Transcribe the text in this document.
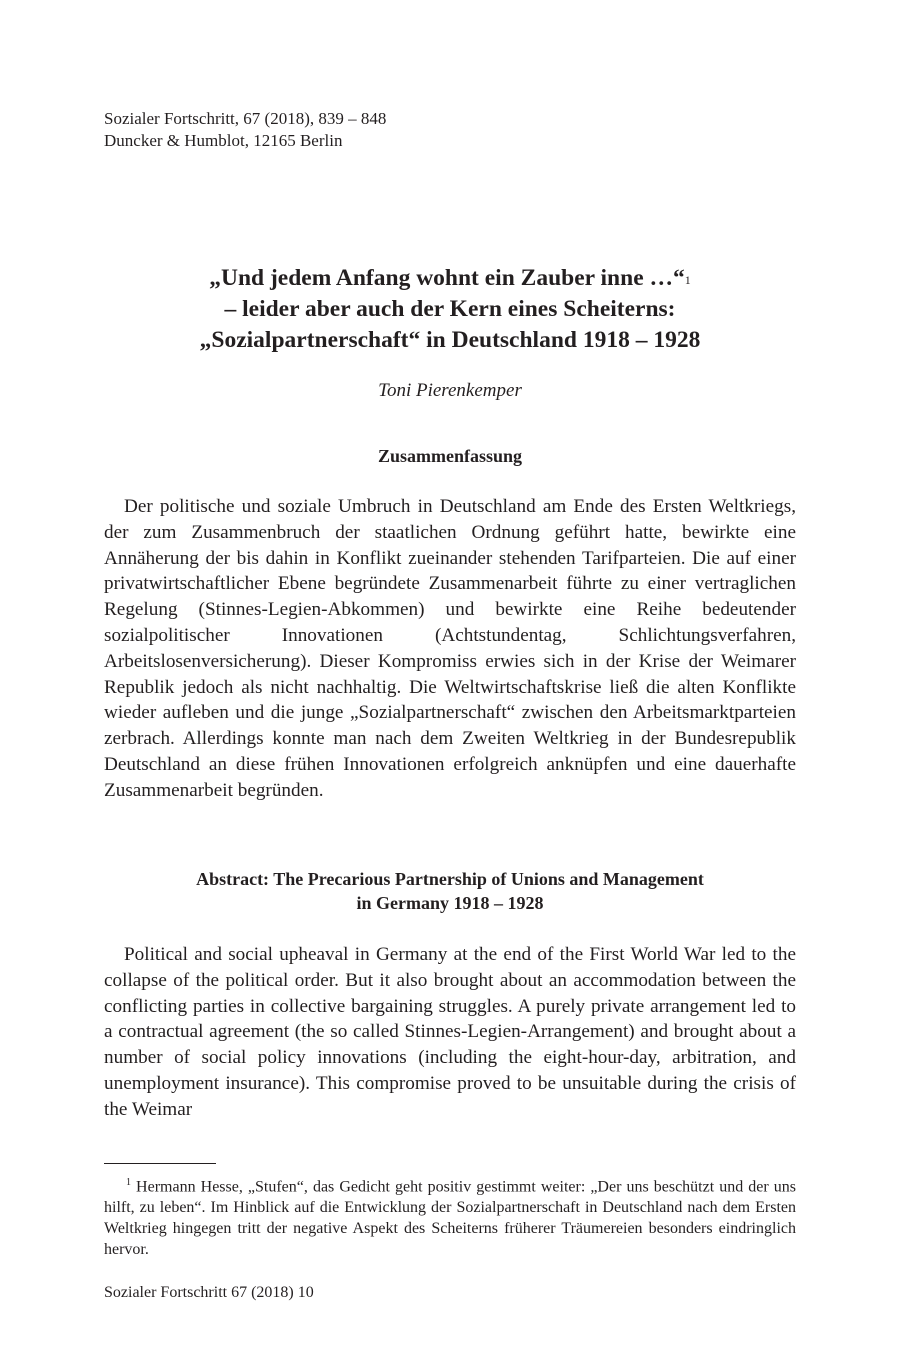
Sozialer Fortschritt, 67 (2018), 839 – 848
Duncker & Humblot, 12165 Berlin
„Und jedem Anfang wohnt ein Zauber inne …“$^1$
– leider aber auch der Kern eines Scheiterns:
„Sozialpartnerschaft“ in Deutschland 1918 – 1928
Toni Pierenkemper
Zusammenfassung

Der politische und soziale Umbruch in Deutschland am Ende des Ersten Weltkriegs, der zum Zusammenbruch der staatlichen Ordnung geführt hatte, bewirkte eine Annäherung der bis dahin in Konflikt zueinander stehenden Tarifparteien. Die auf einer privatwirtschaftlicher Ebene begründete Zusammenarbeit führte zu einer vertraglichen Regelung (Stinnes-Legien-Abkommen) und bewirkte eine Reihe bedeutender sozialpolitischer Innovationen (Achtstundentag, Schlichtungsverfahren, Arbeitslosenversicherung). Dieser Kompromiss erwies sich in der Krise der Weimarer Republik jedoch als nicht nachhaltig. Die Weltwirtschaftskrise ließ die alten Konflikte wieder aufleben und die junge „Sozialpartnerschaft“ zwischen den Arbeitsmarktparteien zerbrach. Allerdings konnte man nach dem Zweiten Weltkrieg in der Bundesrepublik Deutschland an diese frühen Innovationen erfolgreich anknüpfen und eine dauerhafte Zusammenarbeit begründen.

Abstract: The Precarious Partnership of Unions and Management
in Germany 1918 – 1928

Political and social upheaval in Germany at the end of the First World War led to the collapse of the political order. But it also brought about an accommodation between the conflicting parties in collective bargaining struggles. A purely private arrangement led to a contractual agreement (the so called Stinnes-Legien-Arrangement) and brought about a number of social policy innovations (including the eight-hour-day, arbitration, and unemployment insurance). This compromise proved to be unsuitable during the crisis of the Weimar

$^1$ Hermann Hesse, „Stufen“, das Gedicht geht positiv gestimmt weiter: „Der uns beschützt und der uns hilft, zu leben“. Im Hinblick auf die Entwicklung der Sozialpartnerschaft in Deutschland nach dem Ersten Weltkrieg hingegen tritt der negative Aspekt des Scheiterns früherer Träumereien besonders eindringlich hervor.

Sozialer Fortschritt 67 (2018) 10
